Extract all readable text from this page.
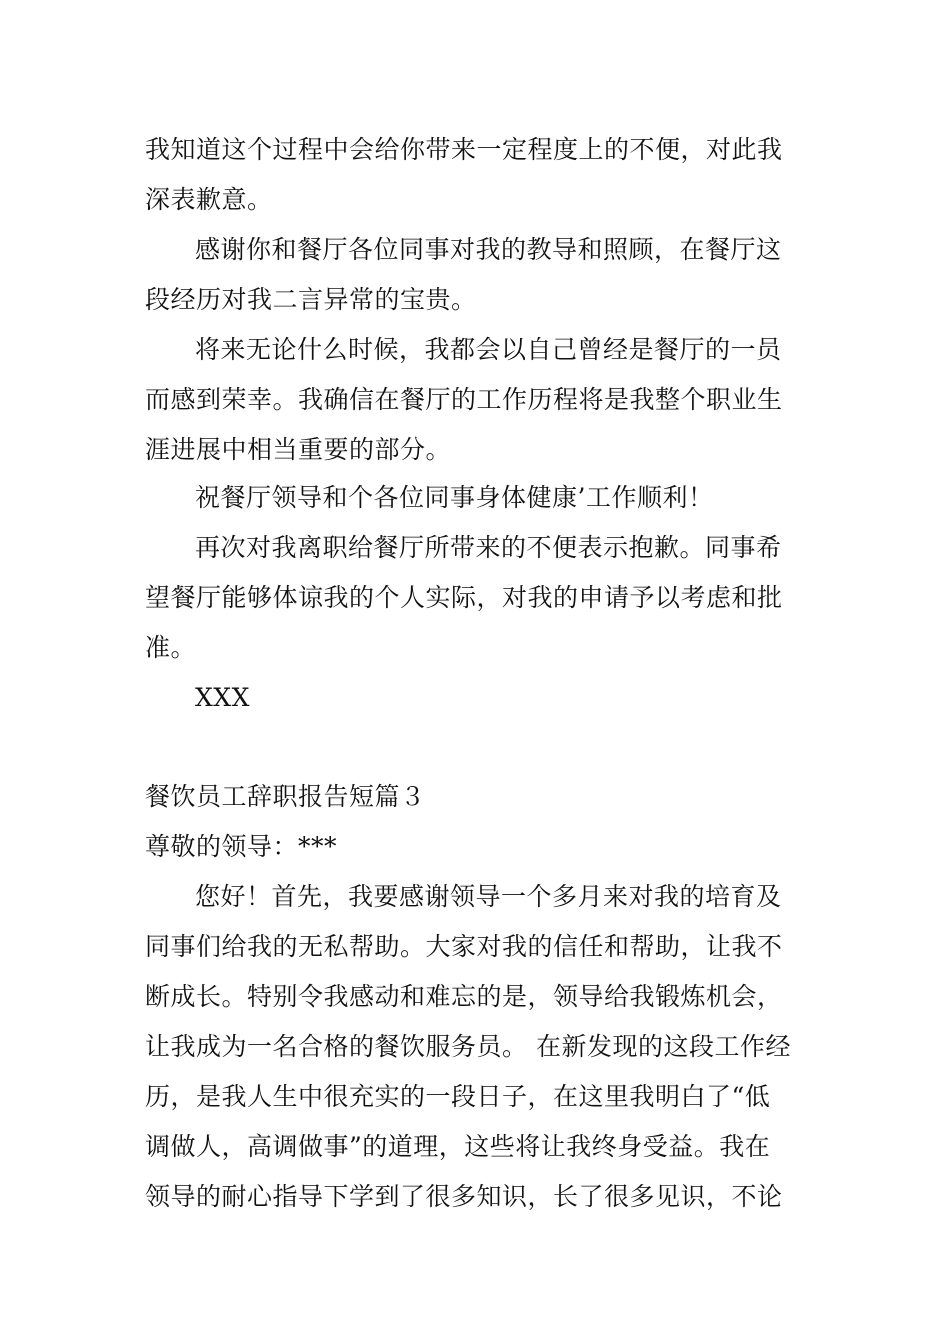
我知道这个过程中会给你带来一定程度上的不便，对此我
深表歉意。
感谢你和餐厅各位同事对我的教导和照顾，在餐厅这
段经历对我二言异常的宝贵。
将来无论什么时候，我都会以自己曾经是餐厅的一员
而感到荣幸。我确信在餐厅的工作历程将是我整个职业生
涯进展中相当重要的部分。
祝餐厅领导和个各位同事身体健康’工作顺利！
再次对我离职给餐厅所带来的不便表示抱歉。同事希
望餐厅能够体谅我的个人实际，对我的申请予以考虑和批
准。
XXX
餐饮员工辞职报告短篇３
尊敬的领导：***
您好！首先，我要感谢领导一个多月来对我的培育及
同事们给我的无私帮助。大家对我的信任和帮助，让我不
断成长。特别令我感动和难忘的是，领导给我锻炼机会，
让我成为一名合格的餐饮服务员。 在新发现的这段工作经
历，是我人生中很充实的一段日子，在这里我明白了“低
调做人，高调做事”的道理，这些将让我终身受益。我在
领导的耐心指导下学到了很多知识，长了很多见识，不论
